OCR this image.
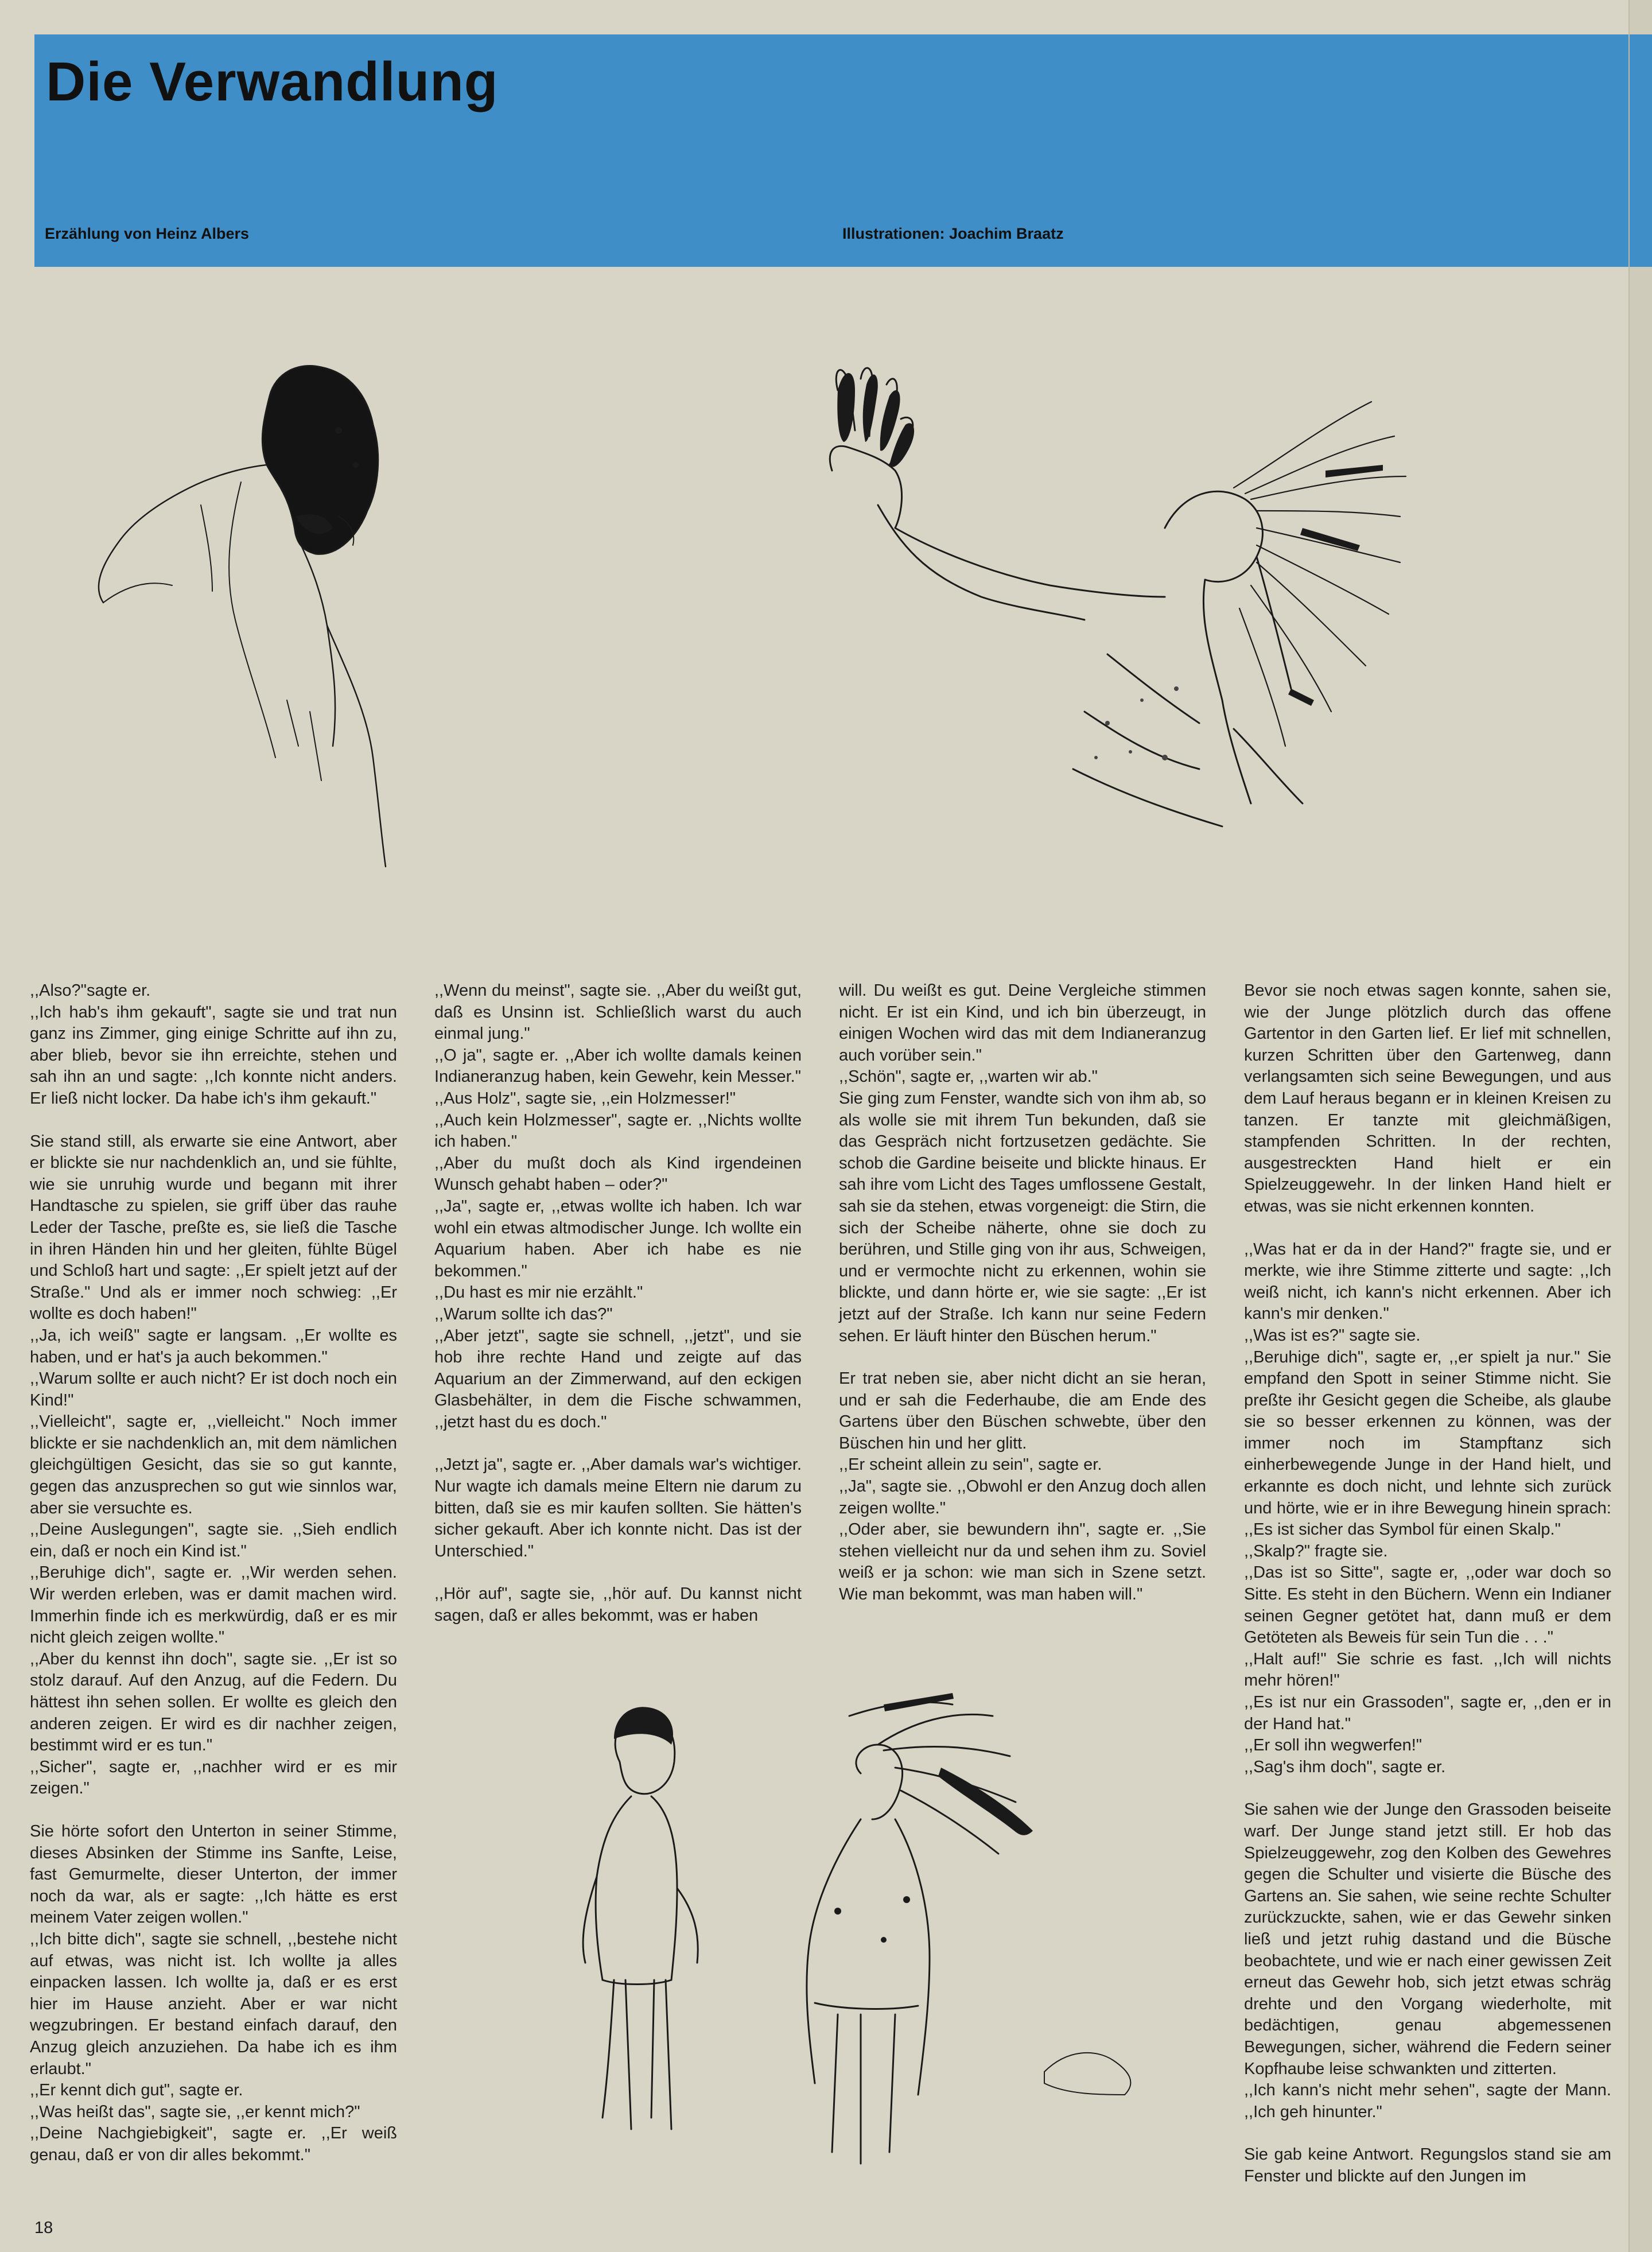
Die Verwandlung
Erzählung von Heinz Albers	Illustrationen: Joachim Braatz

,,Also?"sagte er.
,,Ich hab's ihm gekauft", sagte sie und trat nun ganz ins Zimmer, ging einige Schritte auf ihn zu, aber blieb, bevor sie ihn erreichte, stehen und sah ihn an und sagte: ,,Ich konnte nicht anders. Er ließ nicht locker. Da habe ich's ihm gekauft."

Sie stand still, als erwarte sie eine Antwort, aber er blickte sie nur nachdenklich an, und sie fühlte, wie sie unruhig wurde und begann mit ihrer Handtasche zu spielen, sie griff über das rauhe Leder der Tasche, preßte es, sie ließ die Tasche in ihren Händen hin und her gleiten, fühlte Bügel und Schloß hart und sagte: ,,Er spielt jetzt auf der Straße." Und als er immer noch schwieg: ,,Er wollte es doch haben!"
,,Ja, ich weiß" sagte er langsam. ,,Er wollte es haben, und er hat's ja auch bekommen."
,,Warum sollte er auch nicht? Er ist doch noch ein Kind!"
,,Vielleicht", sagte er, ,,vielleicht." Noch immer blickte er sie nachdenklich an, mit dem nämlichen gleichgültigen Gesicht, das sie so gut kannte, gegen das anzusprechen so gut wie sinnlos war, aber sie versuchte es.
,,Deine Auslegungen", sagte sie. ,,Sieh endlich ein, daß er noch ein Kind ist."
,,Beruhige dich", sagte er. ,,Wir werden sehen. Wir werden erleben, was er damit machen wird. Immerhin finde ich es merkwürdig, daß er es mir nicht gleich zeigen wollte."
,,Aber du kennst ihn doch", sagte sie. ,,Er ist so stolz darauf. Auf den Anzug, auf die Federn. Du hättest ihn sehen sollen. Er wollte es gleich den anderen zeigen. Er wird es dir nachher zeigen, bestimmt wird er es tun."
,,Sicher", sagte er, ,,nachher wird er es mir zeigen."

Sie hörte sofort den Unterton in seiner Stimme, dieses Absinken der Stimme ins Sanfte, Leise, fast Gemurmelte, dieser Unterton, der immer noch da war, als er sagte: ,,Ich hätte es erst meinem Vater zeigen wollen."
,,Ich bitte dich", sagte sie schnell, ,,bestehe nicht auf etwas, was nicht ist. Ich wollte ja alles einpacken lassen. Ich wollte ja, daß er es erst hier im Hause anzieht. Aber er war nicht wegzubringen. Er bestand einfach darauf, den Anzug gleich anzuziehen. Da habe ich es ihm erlaubt."
,,Er kennt dich gut", sagte er.
,,Was heißt das", sagte sie, ,,er kennt mich?"
,,Deine Nachgiebigkeit", sagte er. ,,Er weiß genau, daß er von dir alles bekommt."

,,Wenn du meinst", sagte sie. ,,Aber du weißt gut, daß es Unsinn ist. Schließlich warst du auch einmal jung."
,,O ja", sagte er. ,,Aber ich wollte damals keinen Indianeranzug haben, kein Gewehr, kein Messer."
,,Aus Holz", sagte sie, ,,ein Holzmesser!"
,,Auch kein Holzmesser", sagte er. ,,Nichts wollte ich haben."
,,Aber du mußt doch als Kind irgendeinen Wunsch gehabt haben – oder?"
,,Ja", sagte er, ,,etwas wollte ich haben. Ich war wohl ein etwas altmodischer Junge. Ich wollte ein Aquarium haben. Aber ich habe es nie bekommen."
,,Du hast es mir nie erzählt."
,,Warum sollte ich das?"
,,Aber jetzt", sagte sie schnell, ,,jetzt", und sie hob ihre rechte Hand und zeigte auf das Aquarium an der Zimmerwand, auf den eckigen Glasbehälter, in dem die Fische schwammen, ,,jetzt hast du es doch."

,,Jetzt ja", sagte er. ,,Aber damals war's wichtiger. Nur wagte ich damals meine Eltern nie darum zu bitten, daß sie es mir kaufen sollten. Sie hätten's sicher gekauft. Aber ich konnte nicht. Das ist der Unterschied."

,,Hör auf", sagte sie, ,,hör auf. Du kannst nicht sagen, daß er alles bekommt, was er haben

will. Du weißt es gut. Deine Vergleiche stimmen nicht. Er ist ein Kind, und ich bin überzeugt, in einigen Wochen wird das mit dem Indianeranzug auch vorüber sein."
,,Schön", sagte er, ,,warten wir ab."
Sie ging zum Fenster, wandte sich von ihm ab, so als wolle sie mit ihrem Tun bekunden, daß sie das Gespräch nicht fortzusetzen gedächte. Sie schob die Gardine beiseite und blickte hinaus. Er sah ihre vom Licht des Tages umflossene Gestalt, sah sie da stehen, etwas vorgeneigt: die Stirn, die sich der Scheibe näherte, ohne sie doch zu berühren, und Stille ging von ihr aus, Schweigen, und er vermochte nicht zu erkennen, wohin sie blickte, und dann hörte er, wie sie sagte: ,,Er ist jetzt auf der Straße. Ich kann nur seine Federn sehen. Er läuft hinter den Büschen herum."

Er trat neben sie, aber nicht dicht an sie heran, und er sah die Federhaube, die am Ende des Gartens über den Büschen schwebte, über den Büschen hin und her glitt.
,,Er scheint allein zu sein", sagte er.
,,Ja", sagte sie. ,,Obwohl er den Anzug doch allen zeigen wollte."
,,Oder aber, sie bewundern ihn", sagte er. ,,Sie stehen vielleicht nur da und sehen ihm zu. Soviel weiß er ja schon: wie man sich in Szene setzt. Wie man bekommt, was man haben will."

Bevor sie noch etwas sagen konnte, sahen sie, wie der Junge plötzlich durch das offene Gartentor in den Garten lief. Er lief mit schnellen, kurzen Schritten über den Gartenweg, dann verlangsamten sich seine Bewegungen, und aus dem Lauf heraus begann er in kleinen Kreisen zu tanzen. Er tanzte mit gleichmäßigen, stampfenden Schritten. In der rechten, ausgestreckten Hand hielt er ein Spielzeuggewehr. In der linken Hand hielt er etwas, was sie nicht erkennen konnten.

,,Was hat er da in der Hand?" fragte sie, und er merkte, wie ihre Stimme zitterte und sagte: ,,Ich weiß nicht, ich kann's nicht erkennen. Aber ich kann's mir denken."
,,Was ist es?" sagte sie.
,,Beruhige dich", sagte er, ,,er spielt ja nur." Sie empfand den Spott in seiner Stimme nicht. Sie preßte ihr Gesicht gegen die Scheibe, als glaube sie so besser erkennen zu können, was der immer noch im Stampftanz sich einherbewegende Junge in der Hand hielt, und erkannte es doch nicht, und lehnte sich zurück und hörte, wie er in ihre Bewegung hinein sprach: ,,Es ist sicher das Symbol für einen Skalp."
,,Skalp?" fragte sie.
,,Das ist so Sitte", sagte er, ,,oder war doch so Sitte. Es steht in den Büchern. Wenn ein Indianer seinen Gegner getötet hat, dann muß er dem Getöteten als Beweis für sein Tun die . . ."
,,Halt auf!" Sie schrie es fast. ,,Ich will nichts mehr hören!"
,,Es ist nur ein Grassoden", sagte er, ,,den er in der Hand hat."
,,Er soll ihn wegwerfen!"
,,Sag's ihm doch", sagte er.

Sie sahen wie der Junge den Grassoden beiseite warf. Der Junge stand jetzt still. Er hob das Spielzeuggewehr, zog den Kolben des Gewehres gegen die Schulter und visierte die Büsche des Gartens an. Sie sahen, wie seine rechte Schulter zurückzuckte, sahen, wie er das Gewehr sinken ließ und jetzt ruhig dastand und die Büsche beobachtete, und wie er nach einer gewissen Zeit erneut das Gewehr hob, sich jetzt etwas schräg drehte und den Vorgang wiederholte, mit bedächtigen, genau abgemessenen Bewegungen, sicher, während die Federn seiner Kopfhaube leise schwankten und zitterten.
,,Ich kann's nicht mehr sehen", sagte der Mann. ,,Ich geh hinunter."

Sie gab keine Antwort. Regungslos stand sie am Fenster und blickte auf den Jungen im

18
